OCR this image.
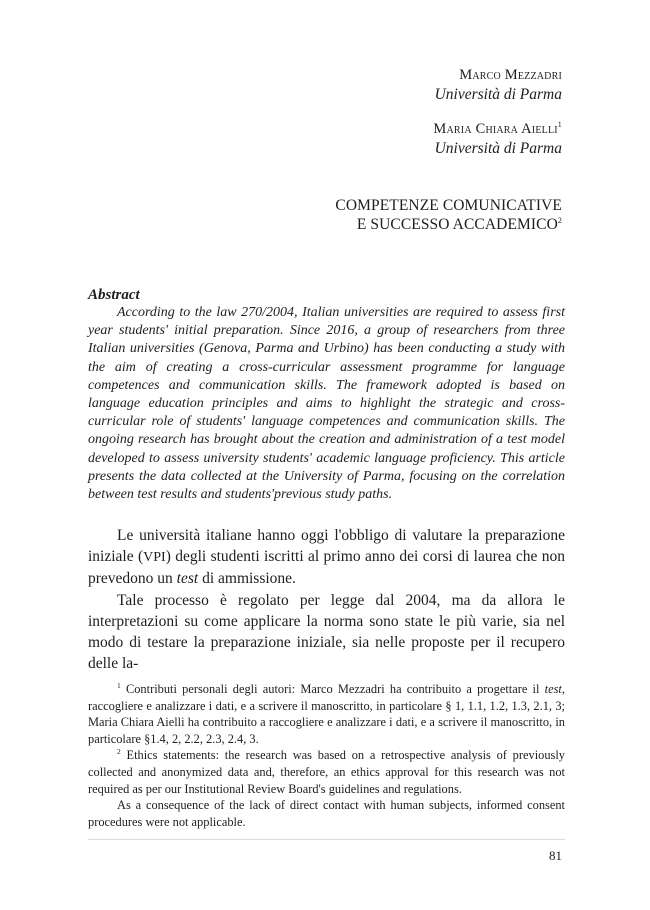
Marco Mezzadri
Università di Parma
Maria Chiara Aielli$^1$
Università di Parma
COMPETENZE COMUNICATIVE
E SUCCESSO ACCADEMICO$^2$
Abstract
According to the law 270/2004, Italian universities are required to assess first year students' initial preparation. Since 2016, a group of researchers from three Italian universities (Genova, Parma and Urbino) has been conducting a study with the aim of creating a cross-curricular assessment programme for language competences and communication skills. The framework adopted is based on language education principles and aims to highlight the strategic and cross-curricular role of students' language competences and communication skills. The ongoing research has brought about the creation and administration of a test model developed to assess university students' academic language proficiency. This article presents the data collected at the University of Parma, focusing on the correlation between test results and students'previous study paths.

Le università italiane hanno oggi l'obbligo di valutare la preparazione iniziale (VPI) degli studenti iscritti al primo anno dei corsi di laurea che non prevedono un test di ammissione.

Tale processo è regolato per legge dal 2004, ma da allora le interpretazioni su come applicare la norma sono state le più varie, sia nel modo di testare la preparazione iniziale, sia nelle proposte per il recupero delle la-

$^1$ Contributi personali degli autori: Marco Mezzadri ha contribuito a progettare il test, raccogliere e analizzare i dati, e a scrivere il manoscritto, in particolare § 1, 1.1, 1.2, 1.3, 2.1, 3; Maria Chiara Aielli ha contribuito a raccogliere e analizzare i dati, e a scrivere il manoscritto, in particolare §1.4, 2, 2.2, 2.3, 2.4, 3.

$^2$ Ethics statements: the research was based on a retrospective analysis of previously collected and anonymized data and, therefore, an ethics approval for this research was not required as per our Institutional Review Board's guidelines and regulations.

As a consequence of the lack of direct contact with human subjects, informed consent procedures were not applicable.

81
